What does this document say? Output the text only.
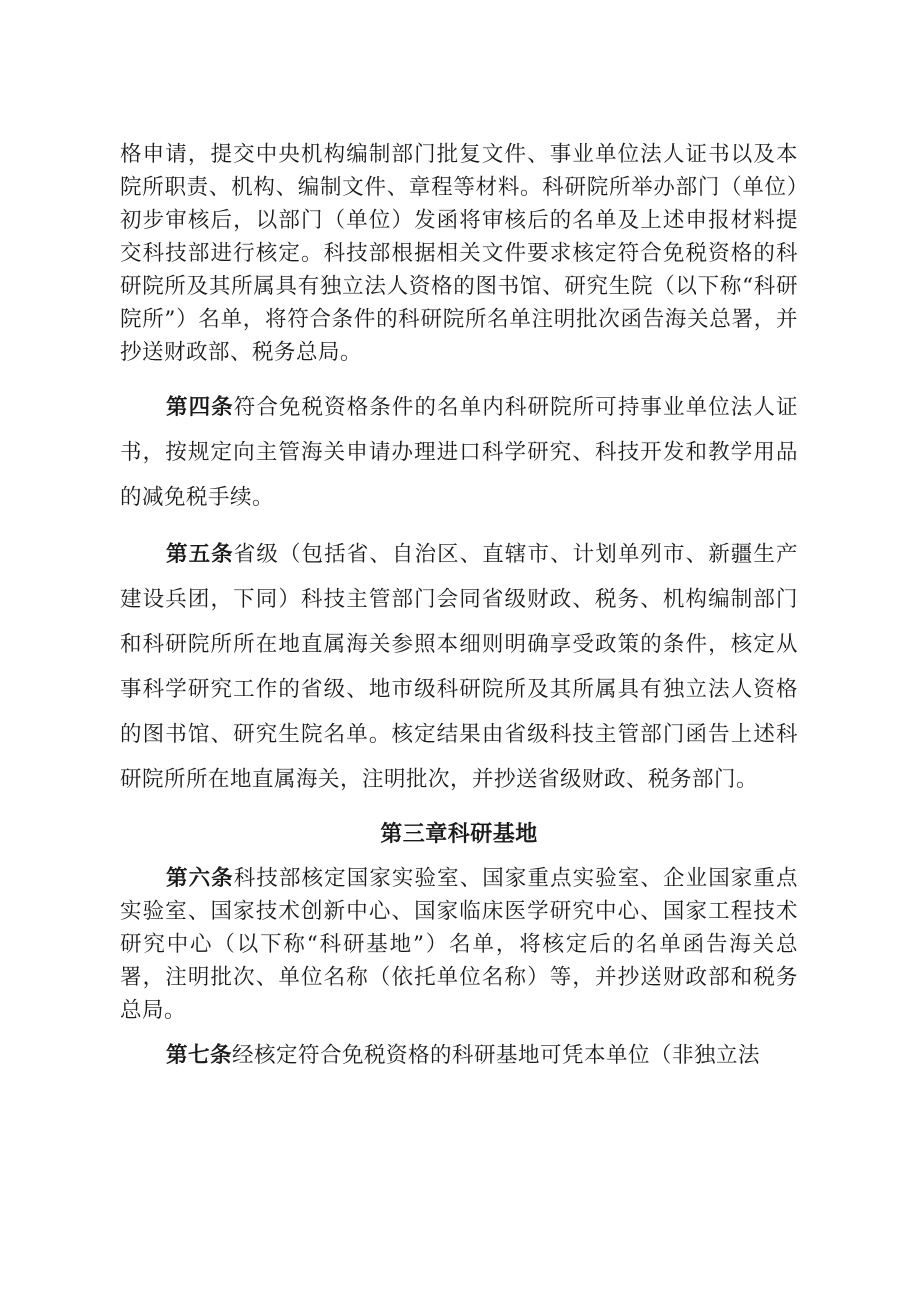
格申请，提交中央机构编制部门批复文件、事业单位法人证书以及本院所职责、机构、编制文件、章程等材料。科研院所举办部门（单位）初步审核后，以部门（单位）发函将审核后的名单及上述申报材料提交科技部进行核定。科技部根据相关文件要求核定符合免税资格的科研院所及其所属具有独立法人资格的图书馆、研究生院（以下称“科研院所”）名单，将符合条件的科研院所名单注明批次函告海关总署，并抄送财政部、税务总局。

第四条符合免税资格条件的名单内科研院所可持事业单位法人证书，按规定向主管海关申请办理进口科学研究、科技开发和教学用品的减免税手续。

第五条省级（包括省、自治区、直辖市、计划单列市、新疆生产建设兵团，下同）科技主管部门会同省级财政、税务、机构编制部门和科研院所所在地直属海关参照本细则明确享受政策的条件，核定从事科学研究工作的省级、地市级科研院所及其所属具有独立法人资格的图书馆、研究生院名单。核定结果由省级科技主管部门函告上述科研院所所在地直属海关，注明批次，并抄送省级财政、税务部门。

第三章科研基地

第六条科技部核定国家实验室、国家重点实验室、企业国家重点实验室、国家技术创新中心、国家临床医学研究中心、国家工程技术研究中心（以下称“科研基地”）名单，将核定后的名单函告海关总署，注明批次、单位名称（依托单位名称）等，并抄送财政部和税务总局。

第七条经核定符合免税资格的科研基地可凭本单位（非独立法
